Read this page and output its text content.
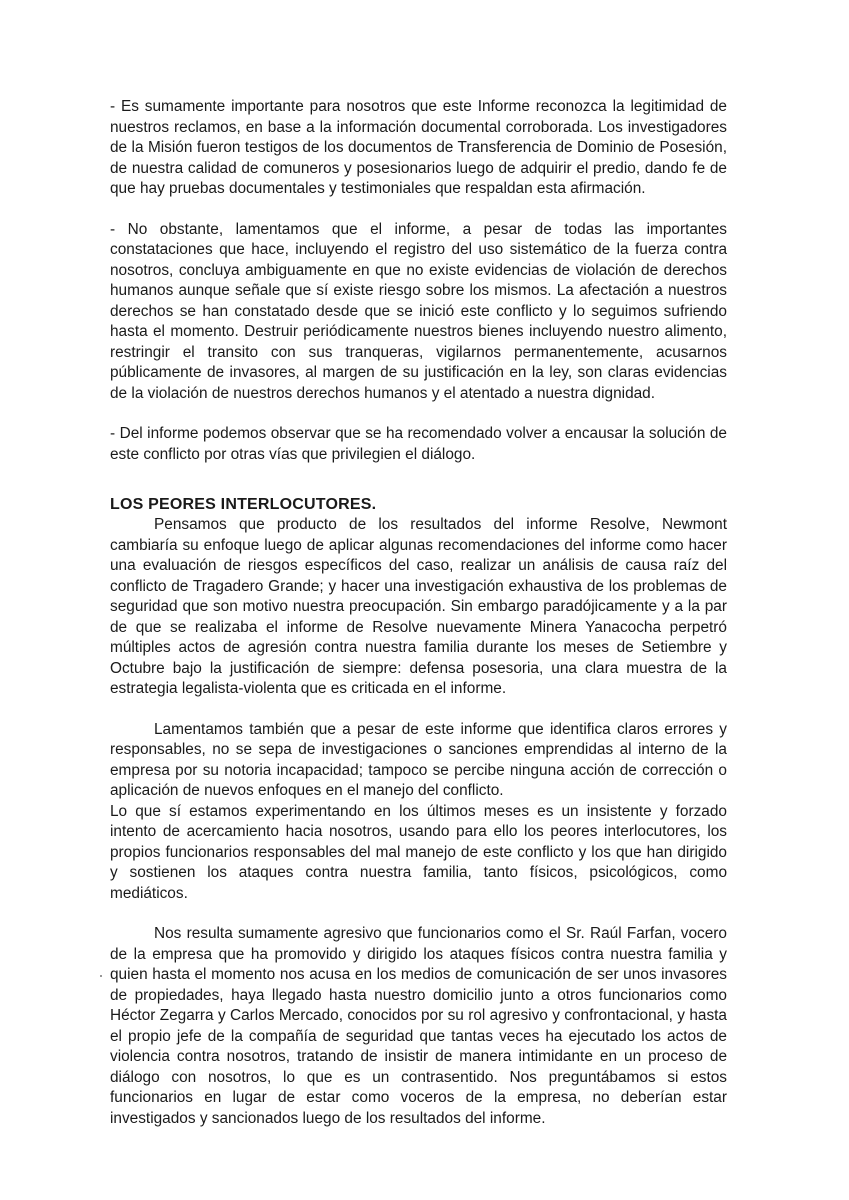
- Es sumamente importante para nosotros que este Informe reconozca la legitimidad de nuestros reclamos, en base a la información documental corroborada. Los investigadores de la Misión fueron testigos de los documentos de Transferencia de Dominio de Posesión, de nuestra calidad de comuneros y posesionarios luego de adquirir el predio, dando fe de que hay pruebas documentales y testimoniales que respaldan esta afirmación.

- No obstante, lamentamos que el informe, a pesar de todas las importantes constataciones que hace, incluyendo el registro del uso sistemático de la fuerza contra nosotros, concluya ambiguamente en que no existe evidencias de violación de derechos humanos aunque señale que sí existe riesgo sobre los mismos. La afectación a nuestros derechos se han constatado desde que se inició este conflicto y lo seguimos sufriendo hasta el momento. Destruir periódicamente nuestros bienes incluyendo nuestro alimento, restringir el transito con sus tranqueras, vigilarnos permanentemente, acusarnos públicamente de invasores, al margen de su justificación en la ley, son claras evidencias de la violación de nuestros derechos humanos y el atentado a nuestra dignidad.

- Del informe podemos observar que se ha recomendado volver a encausar la solución de este conflicto por otras vías que privilegien el diálogo.

LOS PEORES INTERLOCUTORES.

Pensamos que producto de los resultados del informe Resolve, Newmont cambiaría su enfoque luego de aplicar algunas recomendaciones del informe como hacer una evaluación de riesgos específicos del caso, realizar un análisis de causa raíz del conflicto de Tragadero Grande; y hacer una investigación exhaustiva de los problemas de seguridad que son motivo nuestra preocupación. Sin embargo paradójicamente y a la par de que se realizaba el informe de Resolve nuevamente Minera Yanacocha perpetró múltiples actos de agresión contra nuestra familia durante los meses de Setiembre y Octubre bajo la justificación de siempre: defensa posesoria, una clara muestra de la estrategia legalista-violenta que es criticada en el informe.

Lamentamos también que a pesar de este informe que identifica claros errores y responsables, no se sepa de investigaciones o sanciones emprendidas al interno de la empresa por su notoria incapacidad; tampoco se percibe ninguna acción de corrección o aplicación de nuevos enfoques en el manejo del conflicto.

Lo que sí estamos experimentando en los últimos meses es un insistente y forzado intento de acercamiento hacia nosotros, usando para ello los peores interlocutores, los propios funcionarios responsables del mal manejo de este conflicto y los que han dirigido y sostienen los ataques contra nuestra familia, tanto físicos, psicológicos, como mediáticos.

Nos resulta sumamente agresivo que funcionarios como el Sr. Raúl Farfan, vocero de la empresa que ha promovido y dirigido los ataques físicos contra nuestra familia y quien hasta el momento nos acusa en los medios de comunicación de ser unos invasores de propiedades, haya llegado hasta nuestro domicilio junto a otros funcionarios como Héctor Zegarra y Carlos Mercado, conocidos por su rol agresivo y confrontacional, y hasta el propio jefe de la compañía de seguridad que tantas veces ha ejecutado los actos de violencia contra nosotros, tratando de insistir de manera intimidante en un proceso de diálogo con nosotros, lo que es un contrasentido. Nos preguntábamos si estos funcionarios en lugar de estar como voceros de la empresa, no deberían estar investigados y sancionados luego de los resultados del informe.
